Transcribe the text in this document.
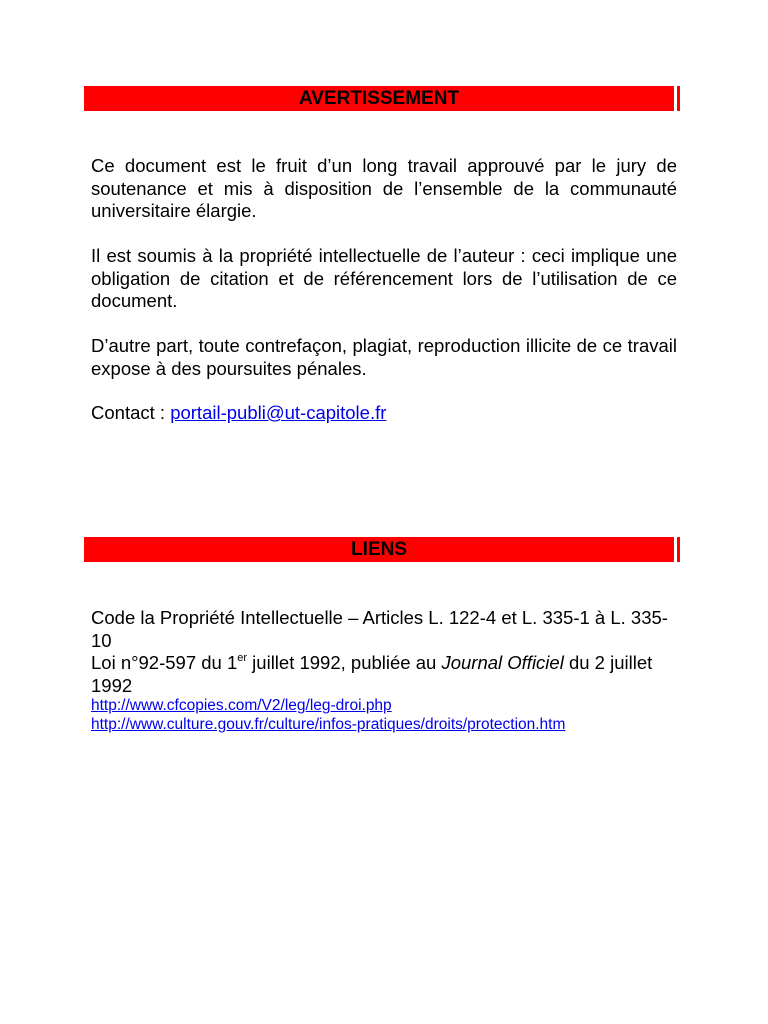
AVERTISSEMENT

Ce document est le fruit d’un long travail approuvé par le jury de soutenance et mis à disposition de l’ensemble de la communauté universitaire élargie.

Il est soumis à la propriété intellectuelle de l’auteur : ceci implique une obligation de citation et de référencement lors de l’utilisation de ce document.

D’autre part, toute contrefaçon, plagiat, reproduction illicite de ce travail expose à des poursuites pénales.

Contact : portail-publi@ut-capitole.fr

LIENS

Code la Propriété Intellectuelle – Articles L. 122-4 et L. 335-1 à L. 335-10

Loi n°92-597 du 1er juillet 1992, publiée au Journal Officiel du 2 juillet 1992

http://www.cfcopies.com/V2/leg/leg-droi.php
http://www.culture.gouv.fr/culture/infos-pratiques/droits/protection.htm
